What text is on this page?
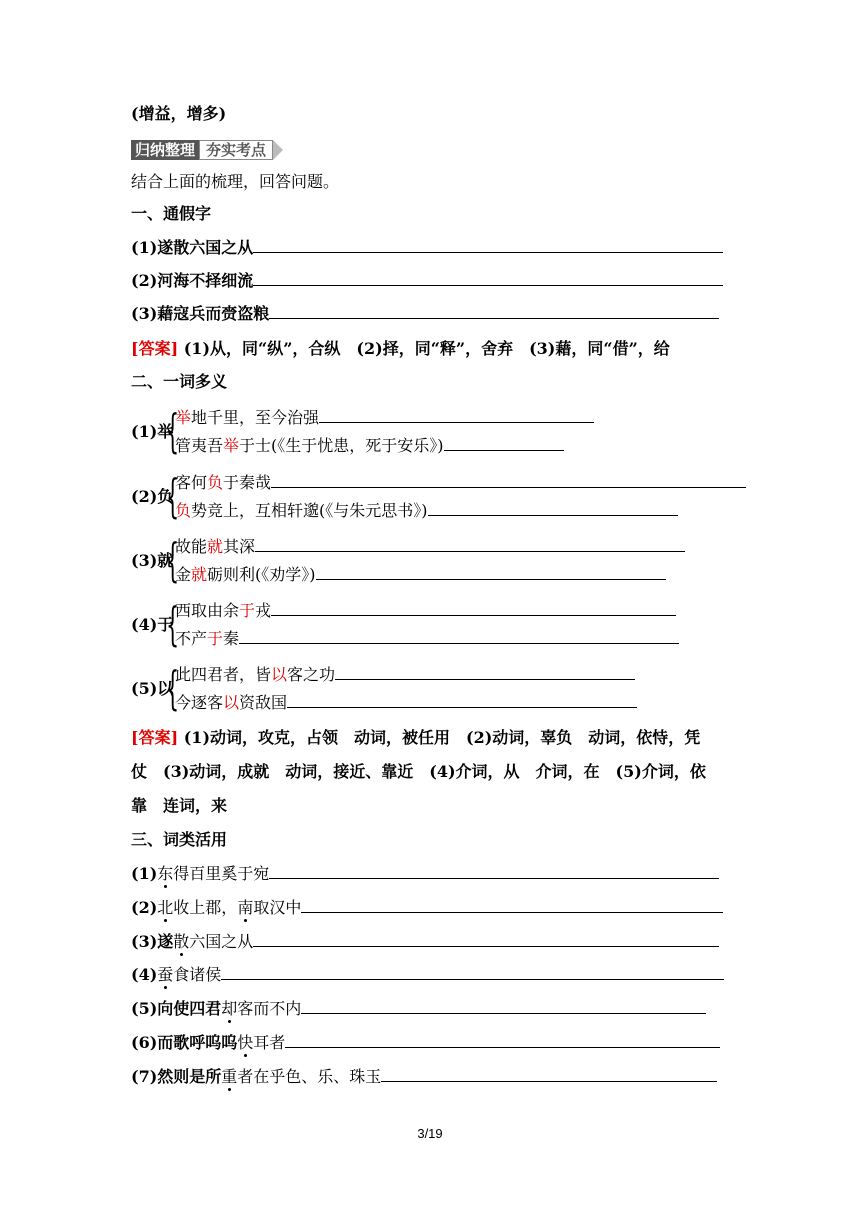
(增益，增多)
归纳整理 夯实考点
结合上面的梳理，回答问题。
一、通假字
(1)遂散六国之从
(2)河海不择细流
(3)藉寇兵而赍盗粮
[答案] (1)从，同“纵”，合纵　(2)择，同“释”，舍弃　(3)藉，同“借”，给
二、一词多义
(1)举
{
举地千里，至今治强
管夷吾举于士(《生于忧患，死于安乐》)
(2)负
{
客何负于秦哉
负势竞上，互相轩邈(《与朱元思书》)
(3)就
{
故能就其深
金就砺则利(《劝学》)
(4)于
{
西取由余于戎
不产于秦
(5)以
{
此四君者，皆以客之功
今逐客以资敌国
[答案] (1)动词，攻克，占领　动词，被任用　(2)动词，辜负　动词，依恃，凭
仗　(3)动词，成就　动词，接近、靠近　(4)介词，从　介词，在　(5)介词，依
靠　连词，来
三、词类活用
(1)东得百里奚于宛
(2)北收上郡，南取汉中
(3)遂散六国之从
(4)蚕食诸侯
(5)向使四君却客而不内
(6)而歌呼呜呜快耳者
(7)然则是所重者在乎色、乐、珠玉
3/19
